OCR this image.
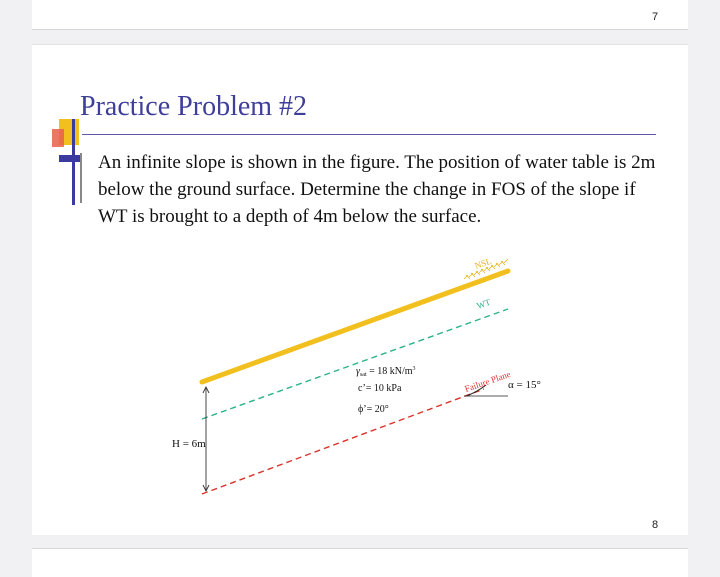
7
Practice Problem #2

An infinite slope is shown in the figure. The position of water table is 2m below the ground surface. Determine the change in FOS of the slope if WT is brought to a depth of 4m below the surface.

NSL
WT
Failure Plane
α = 15°
H = 6m
$\gamma_{sat} = 18$ $kN/m^3$
c’= 10 kPa
ϕ’= 20°
8
